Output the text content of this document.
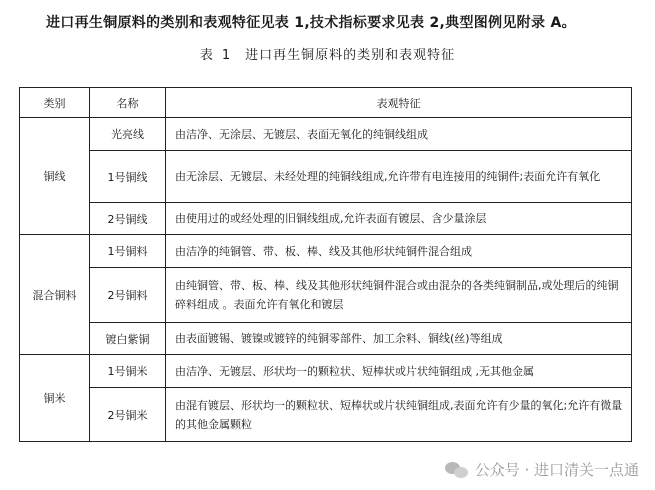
进口再生铜原料的类别和表观特征见表 1,技术指标要求见表 2,典型图例见附录 A。
表 1 进口再生铜原料的类别和表观特征
类别	名称	表观特征
铜线	光亮线	由洁净、无涂层、无镀层、表面无氧化的纯铜线组成
	1号铜线	由无涂层、无镀层、未经处理的纯铜线组成,允许带有电连接用的纯铜件;表面允许有氧化
	2号铜线	由使用过的或经处理的旧铜线组成,允许表面有镀层、含少量涂层
混合铜料	1号铜料	由洁净的纯铜管、带、板、棒、线及其他形状纯铜件混合组成
	2号铜料	由纯铜管、带、板、棒、线及其他形状纯铜件混合或由混杂的各类纯铜制品,或处理后的纯铜碎料组成 。表面允许有氧化和镀层
	镀白紫铜	由表面镀锡、镀镍或镀锌的纯铜零部件、加工余料、铜线(丝)等组成
铜米	1号铜米	由洁净、无镀层、形状均一的颗粒状、短棒状或片状纯铜组成 ,无其他金属
	2号铜米	由混有镀层、形状均一的颗粒状、短棒状或片状纯铜组成,表面允许有少量的氧化;允许有微量的其他金属颗粒
公众号 · 进口清关一点通
